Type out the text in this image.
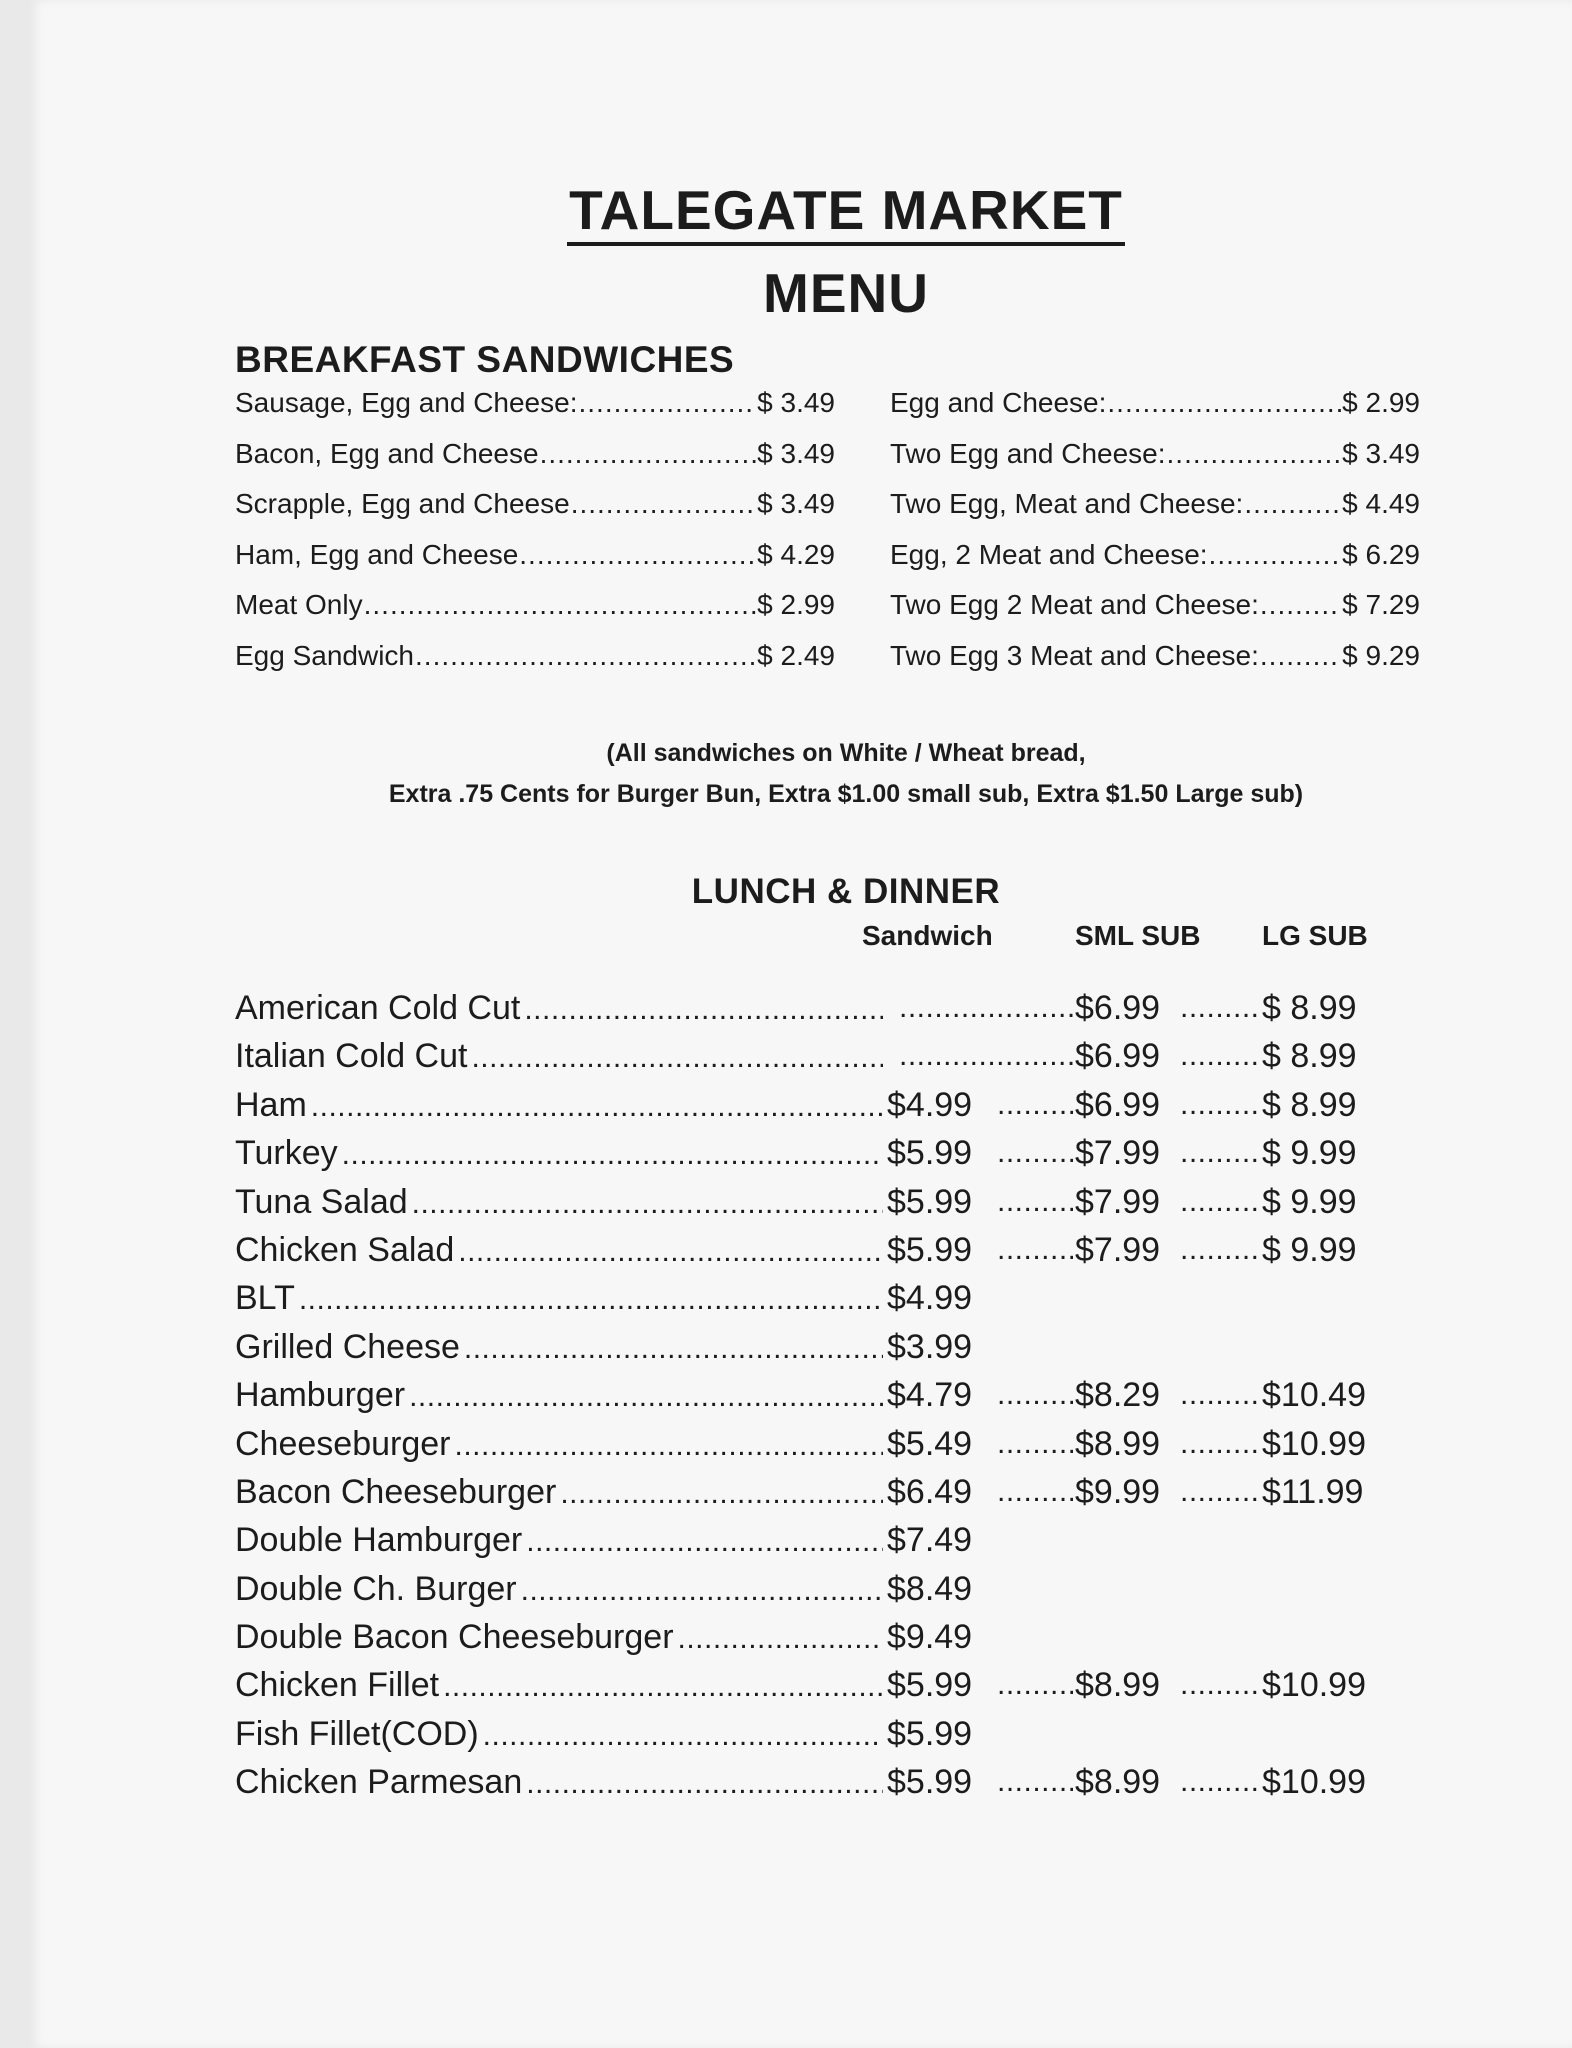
TALEGATE MARKET
MENU
BREAKFAST SANDWICHES
Sausage, Egg and Cheese: .....	$ 3.49
Bacon, Egg and Cheese .....	$ 3.49
Scrapple, Egg and Cheese .....	$ 3.49
Ham, Egg and Cheese .....	$ 4.29
Meat Only .....	$ 2.99
Egg Sandwich .....	$ 2.49
Egg and Cheese: .....	$ 2.99
Two Egg and Cheese: .....	$ 3.49
Two Egg, Meat and Cheese: .....	$ 4.49
Egg, 2 Meat and Cheese: .....	$ 6.29
Two Egg 2 Meat and Cheese: .....	$ 7.29
Two Egg 3 Meat and Cheese: .....	$ 9.29
(All sandwiches on White / Wheat bread,
Extra .75 Cents for Burger Bun, Extra $1.00 small sub, Extra $1.50 Large sub)
LUNCH & DINNER
Sandwich	SML SUB LG SUB
American Cold Cut ..... .....	$6.99 .....	$ 8.99
Italian Cold Cut ..... .....	$6.99 .....	$ 8.99
Ham .....	$4.99 .....	$6.99 .....	$ 8.99
Turkey .....	$5.99 .....	$7.99 .....	$ 9.99
Tuna Salad .....	$5.99 .....	$7.99 .....	$ 9.99
Chicken Salad .....	$5.99 .....	$7.99 .....	$ 9.99
BLT .....	$4.99
Grilled Cheese .....	$3.99
Hamburger .....	$4.79 .....	$8.29 .....	$10.49
Cheeseburger .....	$5.49 .....	$8.99 .....	$10.99
Bacon Cheeseburger .....	$6.49 .....	$9.99 .....	$11.99
Double Hamburger .....	$7.49
Double Ch. Burger .....	$8.49
Double Bacon Cheeseburger .....	$9.49
Chicken Fillet .....	$5.99 .....	$8.99 .....	$10.99
Fish Fillet(COD) .....	$5.99
Chicken Parmesan .....	$5.99 .....	$8.99 .....	$10.99
